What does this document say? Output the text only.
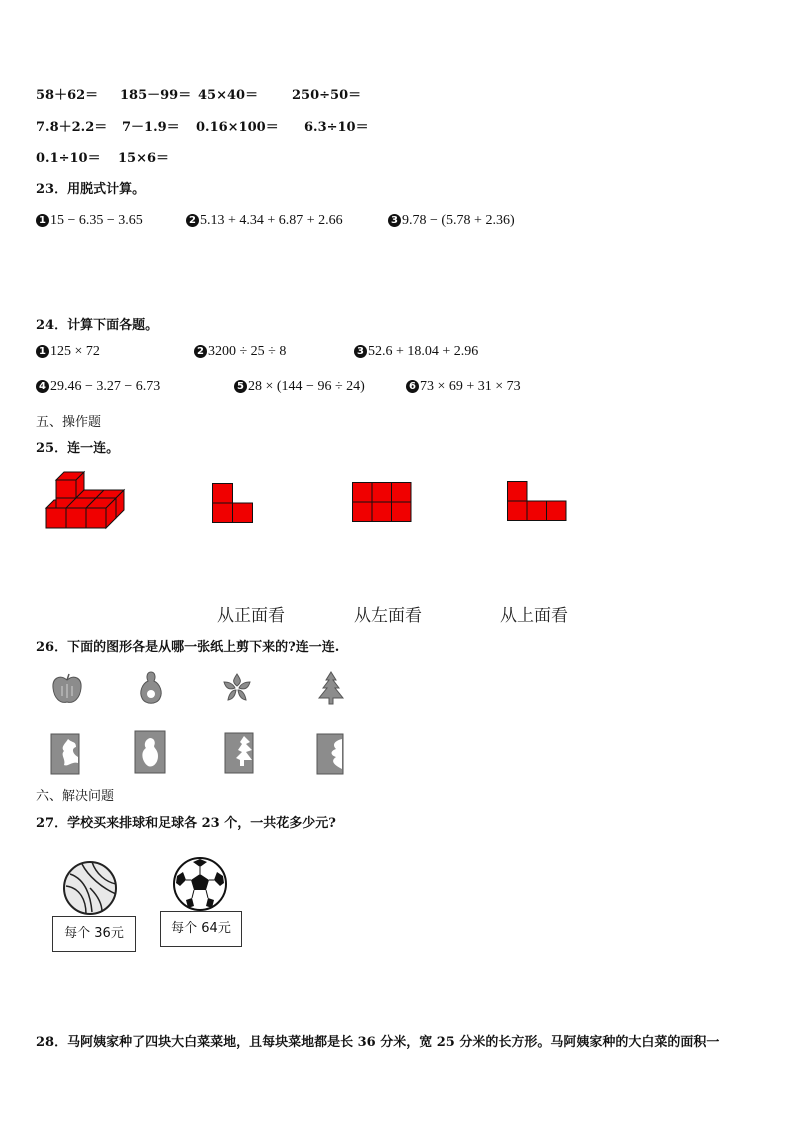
58＋62＝ 185－99＝ 45×40＝	250÷50＝
7.8＋2.2＝ 7－1.9＝ 0.16×100＝ 6.3÷10＝
0.1÷10＝ 15×6＝
23．用脱式计算。
1 15 − 6.35 − 3.65	2 5.13 + 4.34 + 6.87 + 2.66	3 9.78 − (5.78 + 2.36)
24．计算下面各题。
1 125 × 72	2 3200 ÷ 25 ÷ 8	3 52.6 + 18.04 + 2.96
4 29.46 − 3.27 − 6.73	5 28 × (144 − 96 ÷ 24)	6 73 × 69 + 31 × 73
五、操作题
25．连一连。
从正面看	从左面看	从上面看
26．下面的图形各是从哪一张纸上剪下来的?连一连.
六、解决问题
27．学校买来排球和足球各 23 个，一共花多少元?
每个 36元	每个 64元
28．马阿姨家种了四块大白菜菜地，且每块菜地都是长 36 分米，宽 25 分米的长方形。马阿姨家种的大白菜的面积一
